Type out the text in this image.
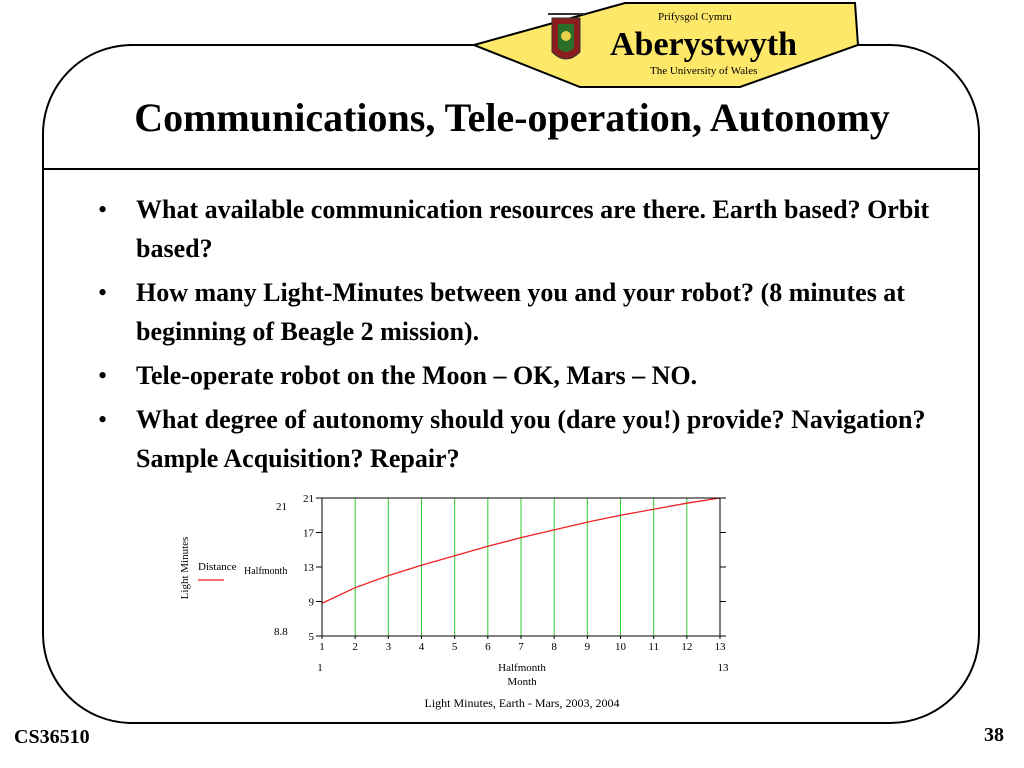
Prifysgol Cymru
Aberystwyth
The University of Wales
Communications, Tele-operation, Autonomy
• What available communication resources are there. Earth based? Orbit based?
• How many Light-Minutes between you and your robot? (8 minutes at beginning of Beagle 2 mission).
• Tele-operate robot on the Moon – OK, Mars – NO.
• What degree of autonomy should you (dare you!) provide? Navigation? Sample Acquisition? Repair?
5
9
13
17
21
1	2	3	4	5	6	7	8	9 10 11 12 13
Light Minutes
21
8.8
Distance Halfmonth
1	13
Halfmonth
Month
Light Minutes, Earth - Mars, 2003, 2004
CS36510	38
